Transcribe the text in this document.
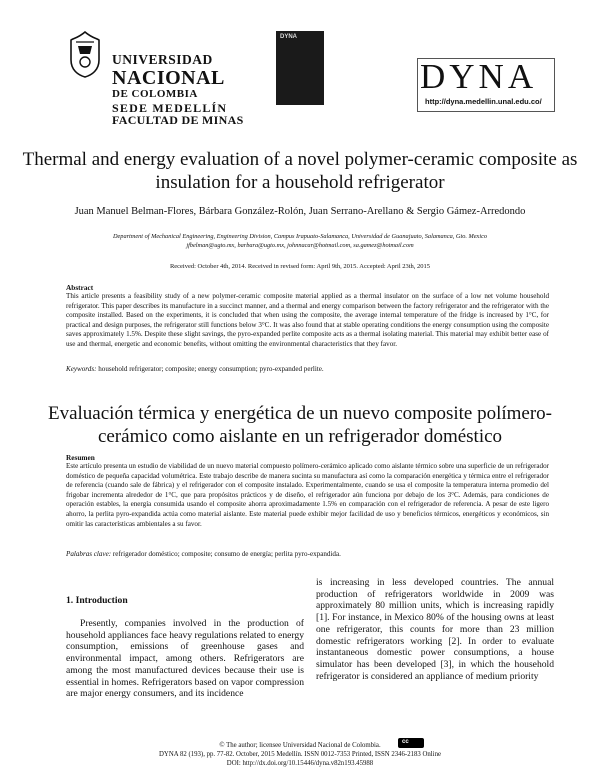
UNIVERSIDAD
NACIONAL
DE COLOMBIA
SEDE MEDELLÍN
FACULTAD DE MINAS
DYNA
DYNA
http://dyna.medellin.unal.edu.co/
Thermal and energy evaluation of a novel polymer-ceramic composite as insulation for a household refrigerator
Juan Manuel Belman-Flores, Bárbara González-Rolón, Juan Serrano-Arellano & Sergio Gámez-Arredondo
Department of Mechanical Engineering, Engineering Division, Campus Irapuato-Salamanca, Universidad de Guanajuato, Salamanca, Gto. Mexico
jfbelman@ugto.mx, barbara@ugto.mx, johnnacar@hotmail.com, sa.gamez@hotmail.com
Received: October 4th, 2014. Received in revised form: April 9th, 2015. Accepted: April 23th, 2015
Abstract
This article presents a feasibility study of a new polymer-ceramic composite material applied as a thermal insulator on the surface of a low net volume household refrigerator. This paper describes its manufacture in a succinct manner, and a thermal and energy comparison between the factory refrigerator and the refrigerator with the composite installed. Based on the experiments, it is concluded that when using the composite, the average internal temperature of the fridge is increased by 1°C, for practical and design purposes, the refrigerator still functions below 3°C. It was also found that at stable operating conditions the energy consumption using the composite saves approximately 1.5%. Despite these slight savings, the pyro-expanded perlite composite acts as a thermal isolating material. This material may exhibit better ease of use and thermal, energetic and economic benefits, without omitting the environmental characteristics that they favor.
Keywords: household refrigerator; composite; energy consumption; pyro-expanded perlite.
Evaluación térmica y energética de un nuevo composite polímero-cerámico como aislante en un refrigerador doméstico
Resumen
Este artículo presenta un estudio de viabilidad de un nuevo material compuesto polímero-cerámico aplicado como aislante térmico sobre una superficie de un refrigerador doméstico de pequeña capacidad volumétrica. Este trabajo describe de manera sucinta su manufactura así como la comparación energética y térmica entre el refrigerador de referencia (cuando sale de fábrica) y el refrigerador con el composite instalado. Experimentalmente, cuando se usa el composite la temperatura interna promedio del frigobar incrementa alrededor de 1°C, que para propósitos prácticos y de diseño, el refrigerador aún funciona por debajo de los 3°C. Además, para condiciones de operación estables, la energía consumida usando el composite ahorra aproximadamente 1.5% en comparación con el refrigerador de referencia. A pesar de este ligero ahorro, la perlita pyro-expandida actúa como material aislante. Este material puede exhibir mejor facilidad de uso y beneficios térmicos, energéticos y económicos, sin omitir las características ambientales a su favor.
Palabras clave: refrigerador doméstico; composite; consumo de energía; perlita pyro-expandida.
1. Introduction
Presently, companies involved in the production of household appliances face heavy regulations related to energy consumption, emissions of greenhouse gases and environmental impact, among others. Refrigerators are among the most manufactured devices because their use is essential in homes. Refrigerators based on vapor compression are major energy consumers, and its incidence
is increasing in less developed countries. The annual production of refrigerators worldwide in 2009 was approximately 80 million units, which is increasing rapidly [1]. For instance, in Mexico 80% of the housing owns at least one refrigerator, this counts for more than 23 million domestic refrigerators working [2]. In order to evaluate instantaneous domestic power consumptions, a house simulator has been developed [3], in which the household refrigerator is considered an appliance of medium priority
© The author; licensee Universidad Nacional de Colombia.
DYNA 82 (193), pp. 77-82. October, 2015 Medellín. ISSN 0012-7353 Printed, ISSN 2346-2183 Online
DOI: http://dx.doi.org/10.15446/dyna.v82n193.45988
cc
